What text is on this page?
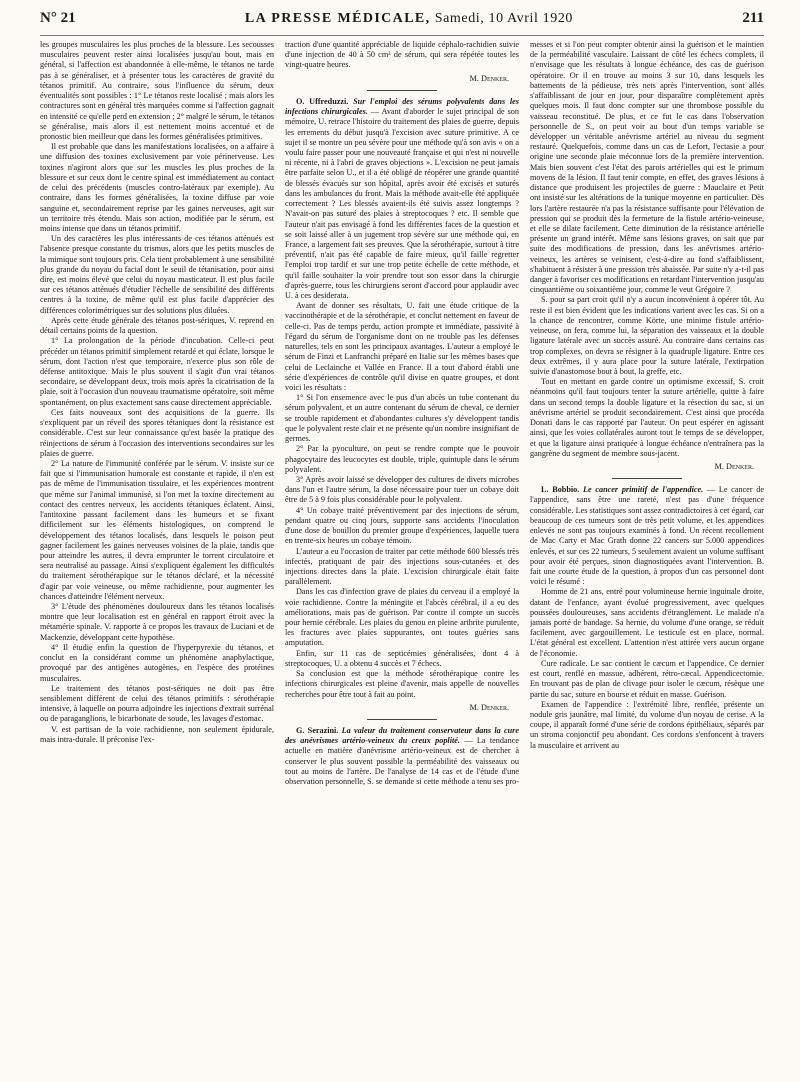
N° 21	LA PRESSE MÉDICALE, Samedi, 10 Avril 1920	211

les groupes musculaires les plus proches de la blessure. Les secousses musculaires peuvent rester ainsi localisées jusqu'au bout, mais en général, si l'affection est abandonnée à elle-même, le tétanos ne tarde pas à se généraliser, et à présenter tous les caractères de gravité du tétanos primitif. Au contraire, sous l'influence du sérum, deux éventualités sont possibles : 1° Le tétanos reste localisé ; mais alors les contractures sont en général très marquées comme si l'affection gagnait en intensité ce qu'elle perd en extension ; 2° malgré le sérum, le tétanos se généralise, mais alors il est nettement moins accentué et de pronostic bien meilleur que dans les formes généralisées primitives.

Il est probable que dans les manifestations localisées, on a affaire à une diffusion des toxines exclusivement par voie périnerveuse. Les toxines n'agiront alors que sur les muscles les plus proches de la blessure et sur ceux dont le centre spinal est immédiatement au contact de celui des précédents (muscles contro-latéraux par exemple). Au contraire, dans les formes généralisées, la toxine diffuse par voie sanguine et, secondairement reprise par les gaines nerveuses, agit sur un territoire très étendu. Mais son action, modifiée par le sérum, est moins intense que dans un tétanos primitif.

Un des caractères les plus intéressants de ces tétanos atténués est l'absence presque constante du trismus, alors que les petits muscles de la mimique sont toujours pris. Cela tient probablement à une sensibilité plus grande du noyau du facial dont le seuil de tétanisation, pour ainsi dire, est moins élevé que celui du noyau masticateur. Il est plus facile sur ces tétanos atténués d'étudier l'échelle de sensibilité des différents centres à la toxine, de même qu'il est plus facile d'apprécier des différences colorimétriques sur des solutions plus diluées.

Après cette étude générale des tétanos post-sériques, V. reprend en détail certains points de la question.

1° La prolongation de la période d'incubation. Celle-ci peut précéder un tétanos primitif simplement retardé et qui éclate, lorsque le sérum, dont l'action n'est que temporaire, n'exerce plus son rôle de défense antitoxique. Mais le plus souvent il s'agit d'un vrai tétanos secondaire, se développant deux, trois mois après la cicatrisation de la plaie, soit à l'occasion d'un nouveau traumatisme opératoire, soit même spontanément, on plus exactement sans cause directement appréciable.

Ces faits nouveaux sont des acquisitions de la guerre. Ils s'expliquent par un réveil des spores tétaniques dont la résistance est considérable. C'est sur leur connaissance qu'est basée la pratique des réinjections de sérum à l'occasion des interventions secondaires sur les plaies de guerre.

2° La nature de l'immunité conférée par le sérum. V. insiste sur ce fait que si l'immunisation humorale est constante et rapide, il n'en est pas de même de l'immunisation tissulaire, et les expériences montrent que même sur l'animal immunisé, si l'on met la toxine directement au contact des centres nerveux, les accidents tétaniques éclatent. Ainsi, l'antitoxine passant facilement dans les humeurs et se fixant difficilement sur les éléments histologiques, on comprend le développement des tétanos localisés, dans lesquels le poison peut gagner facilement les gaines nerveuses voisines de la plaie, tandis que pour atteindre les autres, il devra emprunter le torrent circulatoire et sera neutralisé au passage. Ainsi s'expliquent également les difficultés du traitement sérothérapique sur le tétanos déclaré, et la nécessité d'agir par voie veineuse, ou même rachidienne, pour augmenter les chances d'atteindre l'élément nerveux.

3° L'étude des phénomènes douloureux dans les tétanos localisés montre que leur localisation est en général en rapport étroit avec la métamérie spinale. V. rapporte à ce propos les travaux de Luciani et de Mackenzie, développant cette hypothèse.

4° Il étudie enfin la question de l'hyperpyrexie du tétanos, et conclut en la considérant comme un phénomène anaphylactique, provoqué par des antigènes autogènes, en l'espèce des protéines musculaires.

Le traitement des tétanos post-sériques ne doit pas être sensiblement différent de celui des tétanos primitifs : sérothérapie intensive, à laquelle on pourra adjoindre les injections d'extrait surrénal ou de paraganglions, le bicarbonate de soude, les lavages d'estomac.

V. est partisan de la voie rachidienne, non seulement épidurale, mais intra-durale. Il préconise l'ex-

traction d'une quantité appréciable de liquide céphalo-rachidien suivie d'une injection de 40 à 50 cm³ de sérum, qui sera répétée toutes les vingt-quatre heures.

M. Denker.

O. Uffreduzzi. Sur l'emploi des sérums polyvalents dans les infections chirurgicales. — Avant d'aborder le sujet principal de son mémoire, U. retrace l'histoire du traitement des plaies de guerre, depuis les errements du début jusqu'à l'excision avec suture primitive. A ce sujet il se montre un peu sévère pour une méthode qu'à son avis « on a voulu faire passer pour une nouveauté française et qui n'est ni nouvelle ni récente, ni à l'abri de graves objections ». L'excision ne peut jamais être parfaite selon U., et il a été obligé de réopérer une grande quantité de blessés évacués sur son hôpital, après avoir été excisés et suturés dans les ambulances du front. Mais la méthode avait-elle été appliquée correctement ? Les blessés avaient-ils été suivis assez longtemps ? N'avait-on pas suturé des plaies à streptocoques ? etc. Il semble que l'auteur n'ait pas envisagé à fond les différentes faces de la question et se soit laissé aller à un jugement trop sévère sur une méthode qui, en France, a largement fait ses preuves. Que la sérothérapie, surtout à titre préventif, n'ait pas été capable de faire mieux, qu'il faille regretter l'emploi trop tardif et sur une trop petite échelle de cette méthode, et qu'il faille souhaiter la voir prendre tout son essor dans la chirurgie d'après-guerre, tous les chirurgiens seront d'accord pour applaudir avec U. à ces desiderata.

Avant de donner ses résultats, U. fait une étude critique de la vaccinothérapie et de la sérothérapie, et conclut nettement en faveur de celle-ci. Pas de temps perdu, action prompte et immédiate, passivité à l'égard du sérum de l'organisme dont on ne trouble pas les défenses naturelles, tels en sont les principaux avantages. L'auteur a employé le sérum de Finzi et Lanfranchi préparé en Italie sur les mêmes bases que celui de Leclainche et Vallée en France. Il a tout d'abord établi une série d'expériences de contrôle qu'il divise en quatre groupes, et dont voici les résultats :

1° Si l'on ensemence avec le pus d'un abcès un tube contenant du sérum polyvalent, et un autre contenant du sérum de cheval, ce dernier se trouble rapidement et d'abondantes cultures s'y développent tandis que le polyvalent reste clair et ne présente qu'un nombre insignifiant de germes.

2° Par la pyoculture, on peut se rendre compte que le pouvoir phagocytaire des leucocytes est double, triple, quintuple dans le sérum polyvalent.

3° Après avoir laissé se développer des cultures de divers microbes dans l'un et l'autre sérum, la dose nécessaire pour tuer un cobaye doit être de 5 à 9 fois plus considérable pour le polyvalent.

4° Un cobaye traité préventivement par des injections de sérum, pendant quatre ou cinq jours, supporte sans accidents l'inoculation d'une dose de bouillon du premier groupe d'expériences, laquelle tuera en trente-six heures un cobaye témoin.

L'auteur a eu l'occasion de traiter par cette méthode 600 blessés très infectés, pratiquant de pair des injections sous-cutanées et des injections directes dans la plaie. L'excision chirurgicale était faite parallèlement.

Dans les cas d'infection grave de plaies du cerveau il a employé la voie rachidienne. Contre la méningite et l'abcès cérébral, il a eu des améliorations, mais pas de guérison. Par contre il compte un succès pour hernie cérébrale. Les plaies du genou en pleine arthrite purulente, les fractures avec plaies suppurantes, ont toutes guéries sans amputation.

Enfin, sur 11 cas de septicémies généralisées, dont 4 à streptocoques, U. a obtenu 4 succès et 7 échecs.

Sa conclusion est que la méthode sérothérapique contre les infections chirurgicales est pleine d'avenir, mais appelle de nouvelles recherches pour être tout à fait au point.

M. Denker.

G. Serazini. La valeur du traitement conservateur dans la cure des anévrismes artério-veineux du creux poplité. — La tendance actuelle en matière d'anévrisme artério-veineux est de chercher à conserver le plus souvent possible la perméabilité des vaisseaux ou tout au moins de l'artère. De l'analyse de 14 cas et de l'étude d'une observation personnelle, S. se demande si cette méthode a tenu ses pro-

messes et si l'on peut compter obtenir ainsi la guérison et le maintien de la perméabilité vasculaire. Laissant de côté les échecs complets, il n'envisage que les résultats à longue échéance, des cas de guérison opératoire. Or il en trouve au moins 3 sur 10, dans lesquels les battements de la pédieuse, très nets après l'intervention, sont allés s'affaiblissant de jour en jour, pour disparaître complètement après quelques mois. Il faut donc compter sur une thrombose possible du vaisseau reconstitué. De plus, et ce fut le cas dans l'observation personnelle de S., on peut voir au bout d'un temps variable se développer un véritable anévrisme artériel au niveau du segment restauré. Quelquefois, comme dans un cas de Lefort, l'ectasie a pour origine une seconde plaie méconnue lors de la première intervention. Mais bien souvent c'est l'état des parois artérielles qui est le primum movens de la lésion. Il faut tenir compte, en effet, des graves lésions à distance que produisent les projectiles de guerre : Mauclaire et Petit ont insisté sur les altérations de la tunique moyenne en particulier. Dès lors l'artère restaurée n'a pas la résistance suffisante pour l'élévation de pression qui se produit dès la fermeture de la fistule artério-veineuse, et elle se dilate facilement. Cette diminution de la résistance artérielle présente un grand intérêt. Même sans lésions graves, on sait que par suite des modifications de pression, dans les anévrismes artério-veineux, les artères se veinisent, c'est-à-dire au fond s'affaiblissent, s'habituent à résister à une pression très abaissée. Par suite n'y a-t-il pas danger à favoriser ces modifications en retardant l'intervention jusqu'au cinquantième ou soixantième jour, comme le veut Grégoire ?

S. pour sa part croit qu'il n'y a aucun inconvénient à opérer tôt. Au reste il est bien évident que les indications varient avec les cas. Si on a la chance de rencontrer, comme Körte, une minime fistule artério-veineuse, on fera, comme lui, la séparation des vaisseaux et la double ligature latérale avec un succès assuré. Au contraire dans certains cas trop complexes, on devra se résigner à la quadruple ligature. Entre ces deux extrêmes, il y aura place pour la suture latérale, l'extirpation suivie d'anastomose bout à bout, la greffe, etc.

Tout en mettant en garde contre un optimisme excessif, S. croit néanmoins qu'il faut toujours tenter la suture artérielle, quitte à faire dans un second temps la double ligature et la résection du sac, si un anévrisme artériel se produit secondairement. C'est ainsi que procéda Donati dans le cas rapporté par l'auteur. On peut espérer en agissant ainsi, que les voies collatérales auront tout le temps de se développer, et que la ligature ainsi pratiquée à longue échéance n'entraînera pas la gangrène du segment de membre sous-jacent.

M. Denker.

L. Bobbio. Le cancer primitif de l'appendice. — Le cancer de l'appendice, sans être une rareté, n'est pas d'une fréquence considérable. Les statistiques sont assez contradictoires à cet égard, car beaucoup de ces tumeurs sont de très petit volume, et les appendices enlevés ne sont pas toujours examinés à fond. Un récent recollement de Mac Carty et Mac Grath donne 22 cancers sur 5.000 appendices enlevés, et sur ces 22 tumeurs, 5 seulement avaient un volume suffisant pour avoir été perçues, sinon diagnostiquées avant l'intervention. B. fait une courte étude de la question, à propos d'un cas personnel dont voici le résumé :

Homme de 21 ans, entré pour volumineuse hernie inguinale droite, datant de l'enfance, ayant évolué progressivement, avec quelques poussées douloureuses, sans accidents d'étranglement. Le malade n'a jamais porté de bandage. Sa hernie, du volume d'une orange, se réduit facilement, avec gargouillement. Le testicule est en place, normal. L'état général est excellent. L'attention n'est attirée vers aucun organe de l'économie.

Cure radicale. Le sac contient le cæcum et l'appendice. Ce dernier est court, renflé en massue, adhérent, rétro-cæcal. Appendicectomie. En trouvant pas de plan de clivage pour isoler le cæcum, résèque une partie du sac, suture en bourse et réduit en masse. Guérison.

Examen de l'appendice : l'extrémité libre, renflée, présente un nodule gris jaunâtre, mal limité, du volume d'un noyau de cerise. A la coupe, il apparaît formé d'une série de cordons épithéliaux, séparés par un stroma conjonctif peu abondant. Ces cordons s'enfoncent à travers la musculaire et arrivent au
